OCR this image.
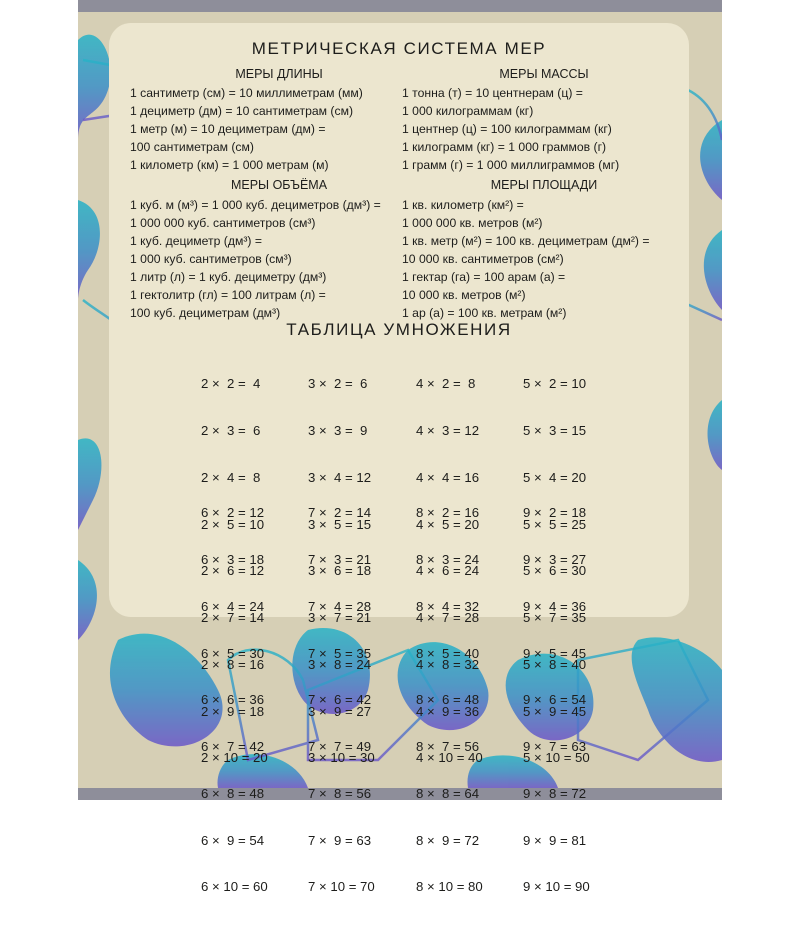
МЕТРИЧЕСКАЯ СИСТЕМА МЕР
МЕРЫ ДЛИНЫ	МЕРЫ МАССЫ
1 сантиметр (см) = 10 миллиметрам (мм)
1 дециметр (дм) = 10 сантиметрам (см)
1 метр (м) = 10 дециметрам (дм) =
100 сантиметрам (см)
1 километр (км) = 1 000 метрам (м)
1 тонна (т) = 10 центнерам (ц) =
1 000 килограммам (кг)
1 центнер (ц) = 100 килограммам (кг)
1 килограмм (кг) = 1 000 граммов (г)
1 грамм (г) = 1 000 миллиграммов (мг)
МЕРЫ ОБЪЁМА	МЕРЫ ПЛОЩАДИ
1 куб. м (м³) = 1 000 куб. дециметров (дм³) =
1 000 000 куб. сантиметров (см³)
1 куб. дециметр (дм³) =
1 000 куб. сантиметров (см³)
1 литр (л) = 1 куб. дециметру (дм³)
1 гектолитр (гл) = 100 литрам (л) =
100 куб. дециметрам (дм³)
1 кв. километр (км²) =
1 000 000 кв. метров (м²)
1 кв. метр (м²) = 100 кв. дециметрам (дм²) =
10 000 кв. сантиметров (см²)
1 гектар (га) = 100 арам (а) =
10 000 кв. метров (м²)
1 ар (а) = 100 кв. метрам (м²)
ТАБЛИЦА УМНОЖЕНИЯ

2 ×  2 =  4

2 ×  3 =  6

2 ×  4 =  8

2 ×  5 = 10

2 ×  6 = 12

2 ×  7 = 14

2 ×  8 = 16

2 ×  9 = 18

2 × 10 = 20

3 ×  2 =  6

3 ×  3 =  9

3 ×  4 = 12

3 ×  5 = 15

3 ×  6 = 18

3 ×  7 = 21

3 ×  8 = 24

3 ×  9 = 27

3 × 10 = 30

4 ×  2 =  8

4 ×  3 = 12

4 ×  4 = 16

4 ×  5 = 20

4 ×  6 = 24

4 ×  7 = 28

4 ×  8 = 32

4 ×  9 = 36

4 × 10 = 40

5 ×  2 = 10

5 ×  3 = 15

5 ×  4 = 20

5 ×  5 = 25

5 ×  6 = 30

5 ×  7 = 35

5 ×  8 = 40

5 ×  9 = 45

5 × 10 = 50

6 ×  2 = 12

6 ×  3 = 18

6 ×  4 = 24

6 ×  5 = 30

6 ×  6 = 36

6 ×  7 = 42

6 ×  8 = 48

6 ×  9 = 54

6 × 10 = 60

7 ×  2 = 14

7 ×  3 = 21

7 ×  4 = 28

7 ×  5 = 35

7 ×  6 = 42

7 ×  7 = 49

7 ×  8 = 56

7 ×  9 = 63

7 × 10 = 70

8 ×  2 = 16

8 ×  3 = 24

8 ×  4 = 32

8 ×  5 = 40

8 ×  6 = 48

8 ×  7 = 56

8 ×  8 = 64

8 ×  9 = 72

8 × 10 = 80

9 ×  2 = 18

9 ×  3 = 27

9 ×  4 = 36

9 ×  5 = 45

9 ×  6 = 54

9 ×  7 = 63

9 ×  8 = 72

9 ×  9 = 81

9 × 10 = 90
